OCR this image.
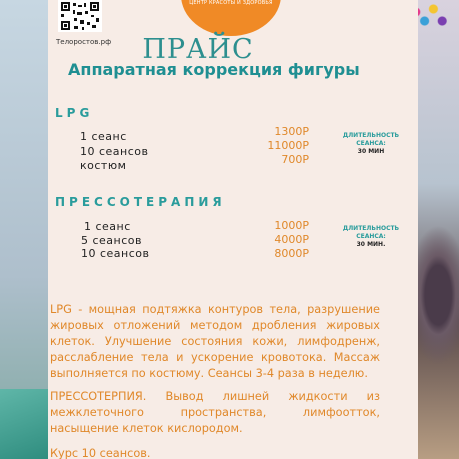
Телоростов.рф
ЦЕНТР КРАСОТЫ И ЗДОРОВЬЯ
ПРАЙС
Аппаратная коррекция фигуры
LPG
1 сеанс
10 сеансов
костюм
1300Р
11000Р
700Р
ДЛИТЕЛЬНОСТЬ
СЕАНСА:
30 МИН
ПРЕССОТЕРАПИЯ
1 сеанс
5 сеансов
10 сеансов
1000Р
4000Р
8000Р
ДЛИТЕЛЬНОСТЬ
СЕАНСА:
30 МИН.
LPG - мощная подтяжка контуров тела, разрушение жировых отложений методом дробления жировых клеток. Улучшение состояния кожи, лимфодренж, расслабление тела и ускорение кровотока. Массаж выполняется по костюму. Сеансы 3-4 раза в неделю.
ПРЕССОТЕРПИЯ. Вывод лишней жидкости из межклеточного пространства, лимфоотток, насыщение клеток кислородом.
Курс 10 сеансов.
